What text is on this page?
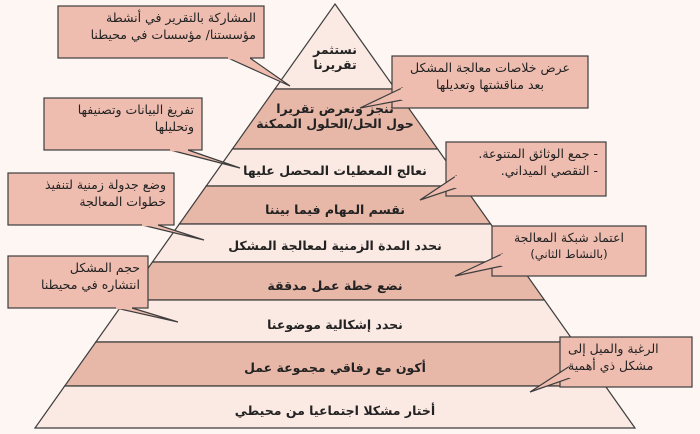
نستثمر
تقريرنا
ننجز ونعرض تقريرا
حول الحل/الحلول الممكنة
نعالج المعطيات المحصل عليها
نقسم المهام فيما بيننا
نحدد المدة الزمنية لمعالجة المشكل
نضع خطة عمل مدققة
نحدد إشكالية موضوعنا
أكون مع رفاقي مجموعة عمل
أختار مشكلا اجتماعيا من محيطي
المشاركة بالتقرير في أنشطة
مؤسستنا/ مؤسسات في محيطنا
عرض خلاصات معالجة المشكل
بعد مناقشتها وتعديلها
تفريغ البيانات وتصنيفها
وتحليلها
- جمع الوثائق المتنوعة.
- التقصي الميداني.
وضع جدولة زمنية لتنفيذ
خطوات المعالجة
اعتماد شبكة المعالجة
(بالنشاط الثاني)
حجم المشكل
انتشاره في محيطنا
الرغبة والميل إلى
مشكل ذي أهمية
